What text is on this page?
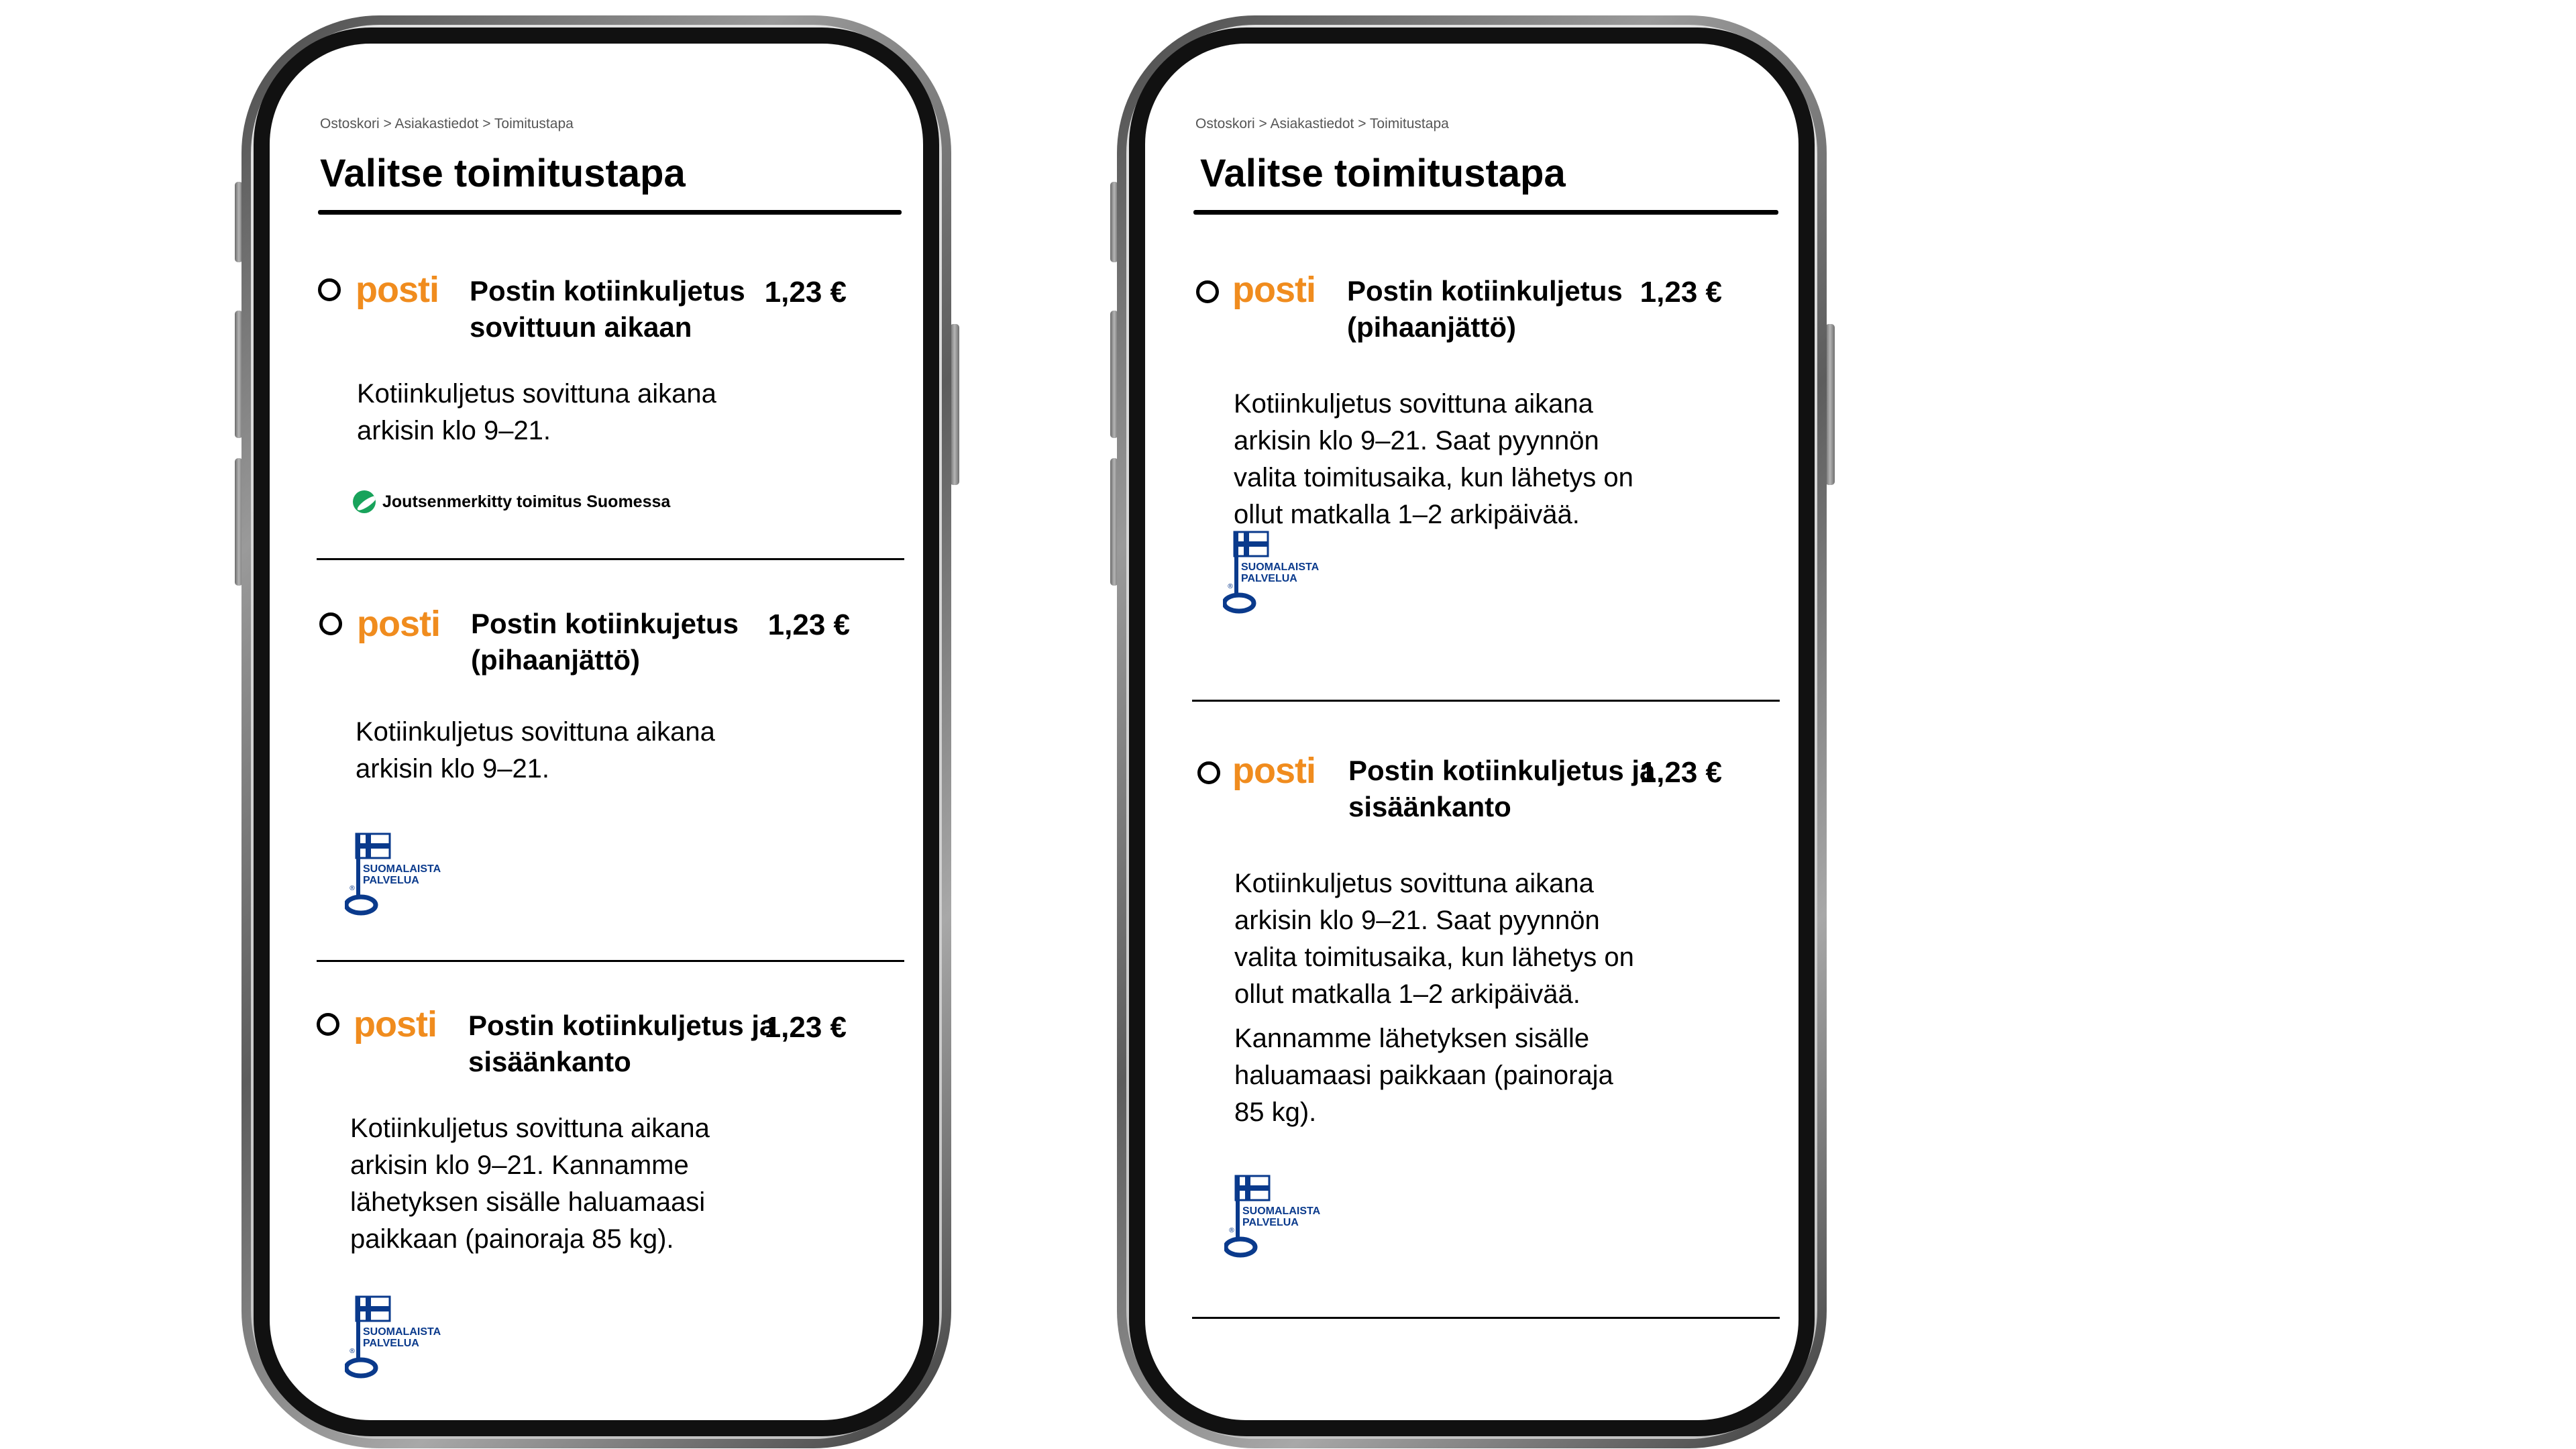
Ostoskori > Asiakastiedot > Toimitustapa
Valitse toimitustapa
posti Postin kotiinkuljetus sovittuun aikaan
1,23 €
Kotiinkuljetus sovittuna aikana arkisin klo 9–21.
Joutsenmerkitty toimitus Suomessa
posti Postin kotiinkujetus (pihaanjättö)
1,23 €
Kotiinkuljetus sovittuna aikana arkisin klo 9–21.
®
SUOMALAISTA
PALVELUA
posti Postin kotiinkuljetus ja sisäänkanto
1,23 €
Kotiinkuljetus sovittuna aikana arkisin klo 9–21. Kannamme lähetyksen sisälle haluamaasi paikkaan (painoraja 85 kg).
®
SUOMALAISTA
PALVELUA
Ostoskori > Asiakastiedot > Toimitustapa
Valitse toimitustapa
posti Postin kotiinkuljetus (pihaanjättö)
1,23 €
Kotiinkuljetus sovittuna aikana arkisin klo 9–21. Saat pyynnön valita toimitusaika, kun lähetys on ollut matkalla 1–2 arkipäivää.
®
SUOMALAISTA
PALVELUA
posti Postin kotiinkuljetus ja sisäänkanto
1,23 €
Kotiinkuljetus sovittuna aikana arkisin klo 9–21. Saat pyynnön valita toimitusaika, kun lähetys on ollut matkalla 1–2 arkipäivää.
Kannamme lähetyksen sisälle haluamaasi paikkaan (painoraja 85 kg).
®
SUOMALAISTA
PALVELUA
